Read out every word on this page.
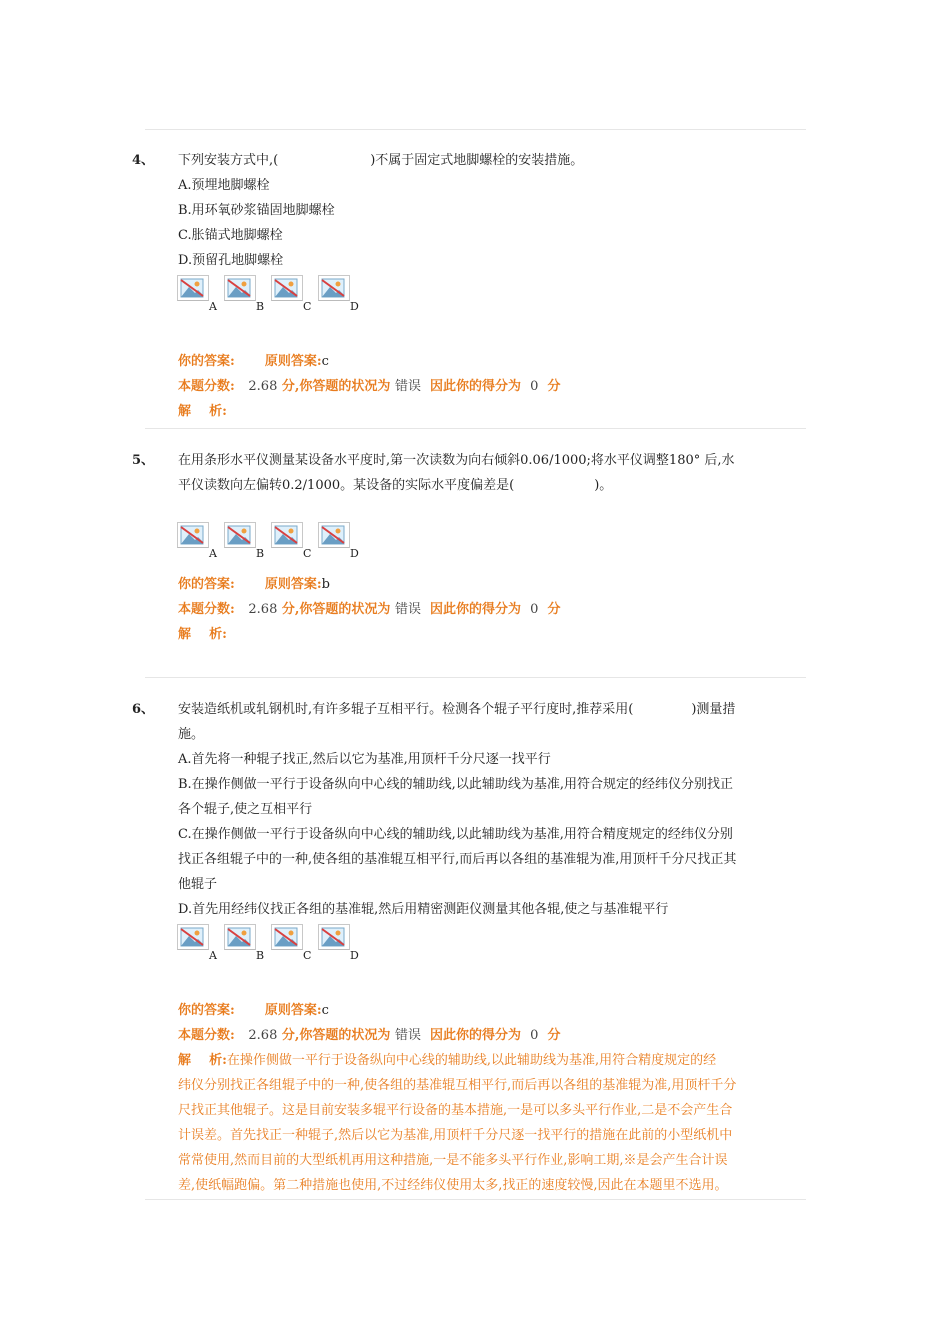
4、 下列安装方式中,(	)不属于固定式地脚螺栓的安装措施。
A.预埋地脚螺栓
B.用环氧砂浆锚固地脚螺栓
C.胀锚式地脚螺栓
D.预留孔地脚螺栓
A	B	C	D
你的答案: 原则答案:c
本题分数: 2.68 分,你答题的状况为 错误 因此你的得分为 0 分
解    析:
5、 在用条形水平仪测量某设备水平度时,第一次读数为向右倾斜0.06/1000;将水平仪调整180° 后,水
平仪读数向左偏转0.2/1000。某设备的实际水平度偏差是(	)。
A	B	C	D
你的答案: 原则答案:b
本题分数: 2.68 分,你答题的状况为 错误 因此你的得分为 0 分
解    析:
6、 安装造纸机或轧钢机时,有许多辊子互相平行。检测各个辊子平行度时,推荐采用(	)测量措
施。
A.首先将一种辊子找正,然后以它为基准,用顶杆千分尺逐一找平行
B.在操作侧做一平行于设备纵向中心线的辅助线,以此辅助线为基准,用符合规定的经纬仪分别找正
各个辊子,使之互相平行
C.在操作侧做一平行于设备纵向中心线的辅助线,以此辅助线为基准,用符合精度规定的经纬仪分别
找正各组辊子中的一种,使各组的基准辊互相平行,而后再以各组的基准辊为准,用顶杆千分尺找正其
他辊子
D.首先用经纬仪找正各组的基准辊,然后用精密测距仪测量其他各辊,使之与基准辊平行
A	B	C	D
你的答案: 原则答案:c
本题分数: 2.68 分,你答题的状况为 错误 因此你的得分为 0 分
解    析:在操作侧做一平行于设备纵向中心线的辅助线,以此辅助线为基准,用符合精度规定的经
纬仪分别找正各组辊子中的一种,使各组的基准辊互相平行,而后再以各组的基准辊为准,用顶杆千分
尺找正其他辊子。这是目前安装多辊平行设备的基本措施,一是可以多头平行作业,二是不会产生合
计误差。首先找正一种辊子,然后以它为基准,用顶杆千分尺逐一找平行的措施在此前的小型纸机中
常常使用,然而目前的大型纸机再用这种措施,一是不能多头平行作业,影响工期,※是会产生合计误
差,使纸幅跑偏。第二种措施也使用,不过经纬仪使用太多,找正的速度较慢,因此在本题里不选用。
